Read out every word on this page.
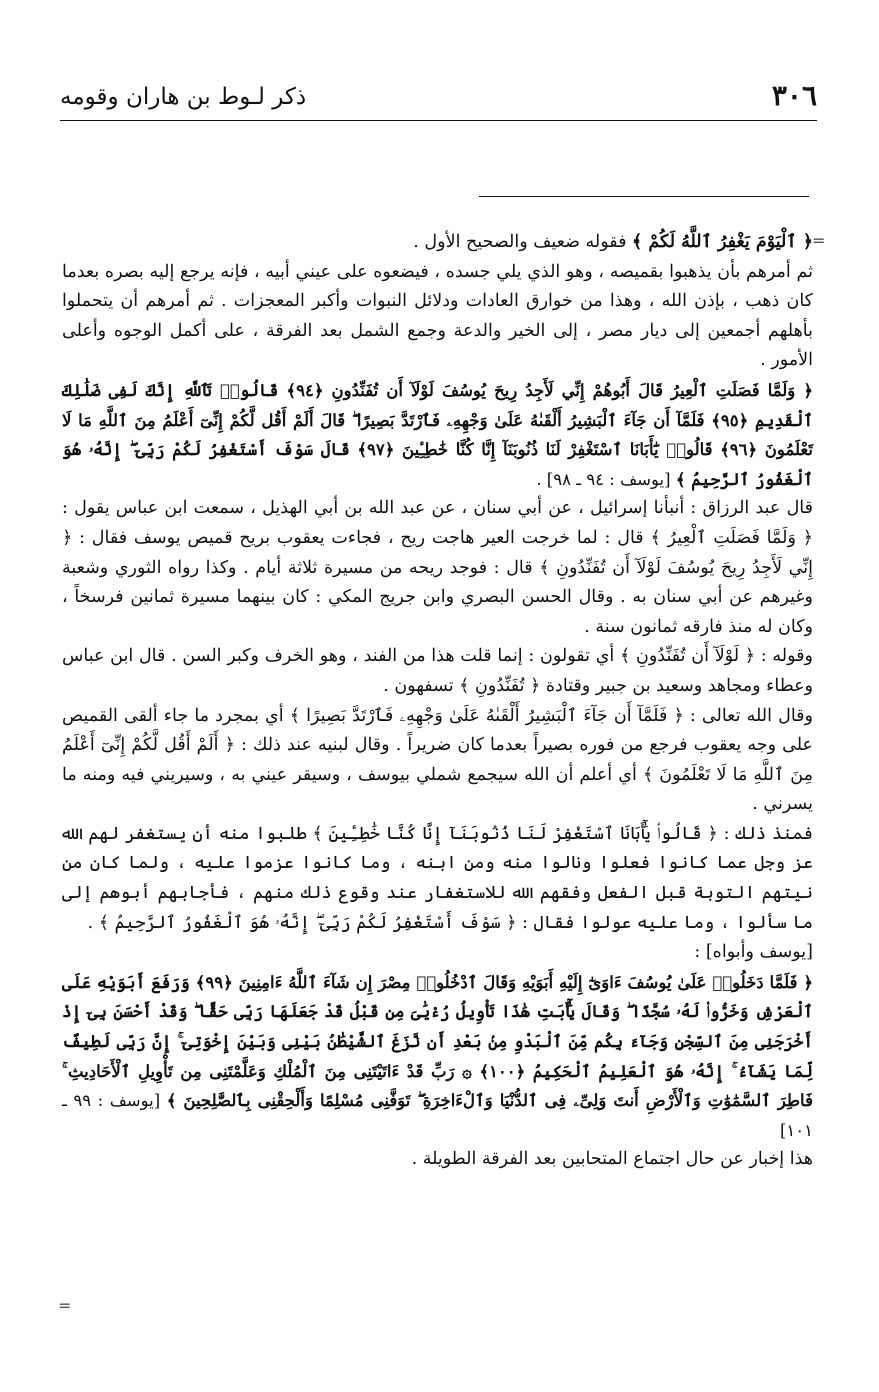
٣٠٦
ذكر لـوط بن هاران وقومه
=
=

﴿ ٱلْيَوْمَ يَغْفِرُ ٱللَّهُ لَكُمْ ﴾ فقوله ضعيف والصحيح الأول .

ثم أمرهم بأن يذهبوا بقميصه ، وهو الذي يلي جسده ، فيضعوه على عيني أبيه ، فإنه يرجع إليه بصره بعدما كان ذهب ، بإذن الله ، وهذا من خوارق العادات ودلائل النبوات وأكبر المعجزات . ثم أمرهم أن يتحملوا بأهلهم أجمعين إلى ديار مصر ، إلى الخير والدعة وجمع الشمل بعد الفرقة ، على أكمل الوجوه وأعلى الأمور .

﴿ وَلَمَّا فَصَلَتِ ٱلْعِيرُ قَالَ أَبُوهُمْ إِنِّي لَأَجِدُ رِيحَ يُوسُفَ لَوْلَآ أَن تُفَنِّدُونِ ﴿٩٤﴾ قَالُوا۟ تَٱللَّهِ إِنَّكَ لَفِى ضَلَٰلِكَ ٱلْقَدِيمِ ﴿٩٥﴾ فَلَمَّآ أَن جَآءَ ٱلْبَشِيرُ أَلْقَىٰهُ عَلَىٰ وَجْهِهِۦ فَٱرْتَدَّ بَصِيرًا ۖ قَالَ أَلَمْ أَقُل لَّكُمْ إِنِّىٓ أَعْلَمُ مِنَ ٱللَّهِ مَا لَا تَعْلَمُونَ ﴿٩٦﴾ قَالُوا۟ يَٰٓأَبَانَا ٱسْتَغْفِرْ لَنَا ذُنُوبَنَآ إِنَّا كُنَّا خَٰطِـِٔينَ ﴿٩٧﴾ قَالَ سَوْفَ أَسْتَغْفِرُ لَكُمْ رَبِّىٓ ۖ إِنَّهُۥ هُوَ ٱلْغَفُورُ ٱلرَّحِيمُ ﴾ [يوسف : ٩٤ ـ ٩٨] .

قال عبد الرزاق : أنبأنا إسرائيل ، عن أبي سنان ، عن عبد الله بن أبي الهذيل ، سمعت ابن عباس يقول : ﴿ وَلَمَّا فَصَلَتِ ٱلْعِيرُ ﴾ قال : لما خرجت العير هاجت ريح ، فجاءت يعقوب بريح قميص يوسف فقال : ﴿ إِنِّي لَأَجِدُ رِيحَ يُوسُفَ لَوْلَآ أَن تُفَنِّدُونِ ﴾ قال : فوجد ريحه من مسيرة ثلاثة أيام . وكذا رواه الثوري وشعبة وغيرهم عن أبي سنان به . وقال الحسن البصري وابن جريج المكي : كان بينهما مسيرة ثمانين فرسخاً ، وكان له منذ فارقه ثمانون سنة .

وقوله : ﴿ لَوْلَآ أَن تُفَنِّدُونِ ﴾ أي تقولون : إنما قلت هذا من الفند ، وهو الخرف وكبر السن . قال ابن عباس وعطاء ومجاهد وسعيد بن جبير وقتادة ﴿ تُفَنِّدُونِ ﴾ تسفهون .

وقال الله تعالى : ﴿ فَلَمَّآ أَن جَآءَ ٱلْبَشِيرُ أَلْقَىٰهُ عَلَىٰ وَجْهِهِۦ فَٱرْتَدَّ بَصِيرًا ﴾ أي بمجرد ما جاء ألقى القميص على وجه يعقوب فرجع من فوره بصيراً بعدما كان ضريراً . وقال لبنيه عند ذلك : ﴿ أَلَمْ أَقُل لَّكُمْ إِنِّىٓ أَعْلَمُ مِنَ ٱللَّهِ مَا لَا تَعْلَمُونَ ﴾ أي أعلم أن الله سيجمع شملي بيوسف ، وسيقر عيني به ، وسيريني فيه ومنه ما يسرني .

فمنذ ذلك : ﴿ قَالُوا۟ يَٰٓأَبَانَا ٱسْتَغْفِرْ لَنَا ذُنُوبَنَآ إِنَّا كُنَّا خَٰطِـِٔينَ ﴾ طلبوا منه أن يستغفر لهم الله عز وجل عما كانوا فعلوا ونالوا منه ومن ابنه ، وما كانوا عزموا عليه ، ولما كان من نيتهم التوبة قبل الفعل وفقهم الله للاستغفار عند وقوع ذلك منهم ، فأجابهم أبوهم إلى ما سألوا ، وما عليه عولوا فقال : ﴿ سَوْفَ أَسْتَغْفِرُ لَكُمْ رَبِّىٓ ۖ إِنَّهُۥ هُوَ ٱلْغَفُورُ ٱلرَّحِيمُ ﴾ .

[يوسف وأبواه] :

﴿ فَلَمَّا دَخَلُوا۟ عَلَىٰ يُوسُفَ ءَاوَىٰٓ إِلَيْهِ أَبَوَيْهِ وَقَالَ ٱدْخُلُوا۟ مِصْرَ إِن شَآءَ ٱللَّهُ ءَامِنِينَ ﴿٩٩﴾ وَرَفَعَ أَبَوَيْهِ عَلَى ٱلْعَرْشِ وَخَرُّوا۟ لَهُۥ سُجَّدًا ۖ وَقَالَ يَٰٓأَبَتِ هَٰذَا تَأْوِيلُ رُءْيَٰىَ مِن قَبْلُ قَدْ جَعَلَهَا رَبِّى حَقًّا ۖ وَقَدْ أَحْسَنَ بِىٓ إِذْ أَخْرَجَنِى مِنَ ٱلسِّجْنِ وَجَآءَ بِكُم مِّنَ ٱلْبَدْوِ مِنۢ بَعْدِ أَن نَّزَغَ ٱلشَّيْطَٰنُ بَيْنِى وَبَيْنَ إِخْوَتِىٓ ۚ إِنَّ رَبِّى لَطِيفٌ لِّمَا يَشَآءُ ۚ إِنَّهُۥ هُوَ ٱلْعَلِيمُ ٱلْحَكِيمُ ﴿١٠٠﴾ ۞ رَبِّ قَدْ ءَاتَيْتَنِى مِنَ ٱلْمُلْكِ وَعَلَّمْتَنِى مِن تَأْوِيلِ ٱلْأَحَادِيثِ ۚ فَاطِرَ ٱلسَّمَٰوَٰتِ وَٱلْأَرْضِ أَنتَ وَلِىِّۦ فِى ٱلدُّنْيَا وَٱلْءَاخِرَةِ ۖ تَوَفَّنِى مُسْلِمًا وَأَلْحِقْنِى بِٱلصَّٰلِحِينَ ﴾ [يوسف : ٩٩ ـ ١٠١]

هذا إخبار عن حال اجتماع المتحابين بعد الفرقة الطويلة .
